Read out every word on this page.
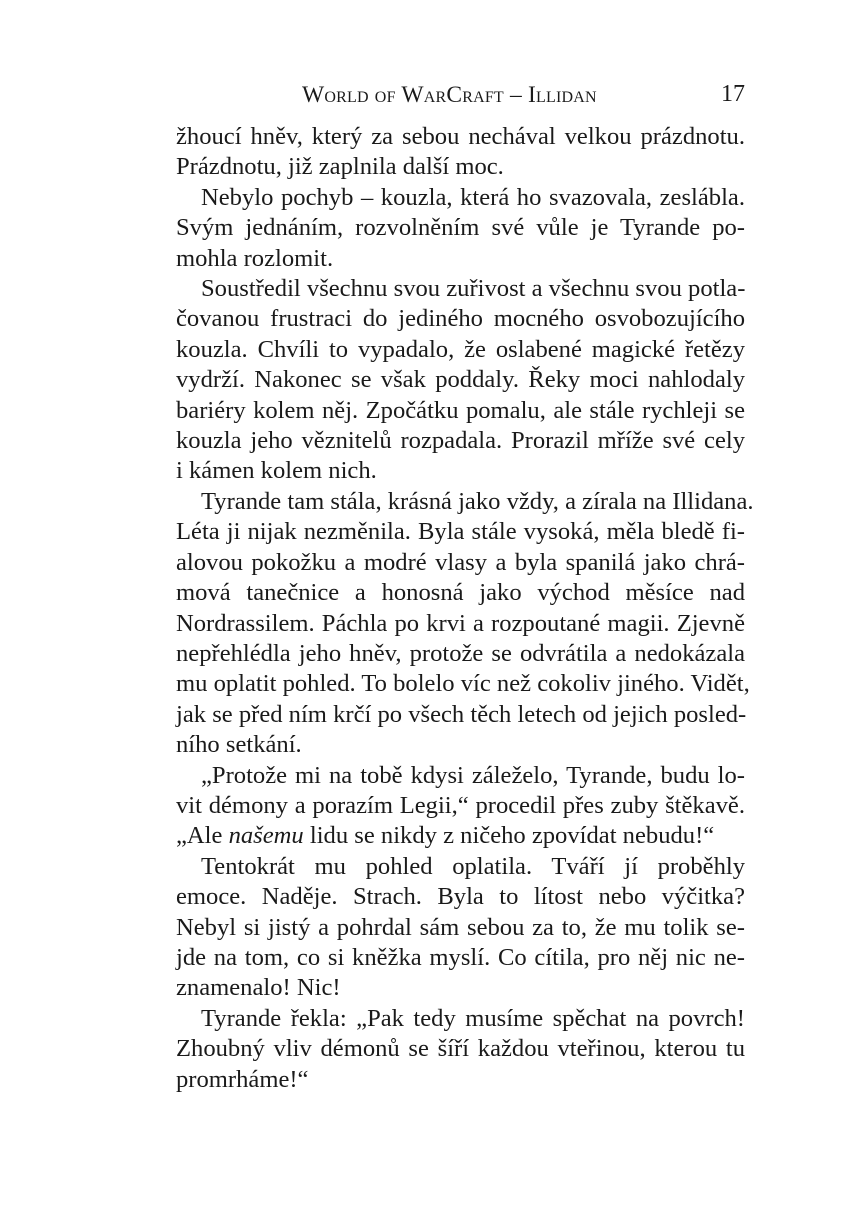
World of WarCraft – Illidan	17
žhoucí hněv, který za sebou nechával velkou prázdnotu.
Prázdnotu, již zaplnila další moc.
Nebylo pochyb – kouzla, která ho svazovala, zeslábla.
Svým jednáním, rozvolněním své vůle je Tyrande po-
mohla rozlomit.
Soustředil všechnu svou zuřivost a všechnu svou potla-
čovanou frustraci do jediného mocného osvobozujícího
kouzla. Chvíli to vypadalo, že oslabené magické řetězy
vydrží. Nakonec se však poddaly. Řeky moci nahlodaly
bariéry kolem něj. Zpočátku pomalu, ale stále rychleji se
kouzla jeho věznitelů rozpadala. Prorazil mříže své cely
i kámen kolem nich.
Tyrande tam stála, krásná jako vždy, a zírala na Illidana.
Léta ji nijak nezměnila. Byla stále vysoká, měla bledě fi-
alovou pokožku a modré vlasy a byla spanilá jako chrá-
mová tanečnice a honosná jako východ měsíce nad
Nordrassilem. Páchla po krvi a rozpoutané magii. Zjevně
nepřehlédla jeho hněv, protože se odvrátila a nedokázala
mu oplatit pohled. To bolelo víc než cokoliv jiného. Vidět,
jak se před ním krčí po všech těch letech od jejich posled-
ního setkání.
„Protože mi na tobě kdysi záleželo, Tyrande, budu lo-
vit démony a porazím Legii,“ procedil přes zuby štěkavě.
„Ale našemu lidu se nikdy z ničeho zpovídat nebudu!“
Tentokrát mu pohled oplatila. Tváří jí proběhly
emoce. Naděje. Strach. Byla to lítost nebo výčitka?
Nebyl si jistý a pohrdal sám sebou za to, že mu tolik se-
jde na tom, co si kněžka myslí. Co cítila, pro něj nic ne-
znamenalo! Nic!
Tyrande řekla: „Pak tedy musíme spěchat na povrch!
Zhoubný vliv démonů se šíří každou vteřinou, kterou tu
promrháme!“
